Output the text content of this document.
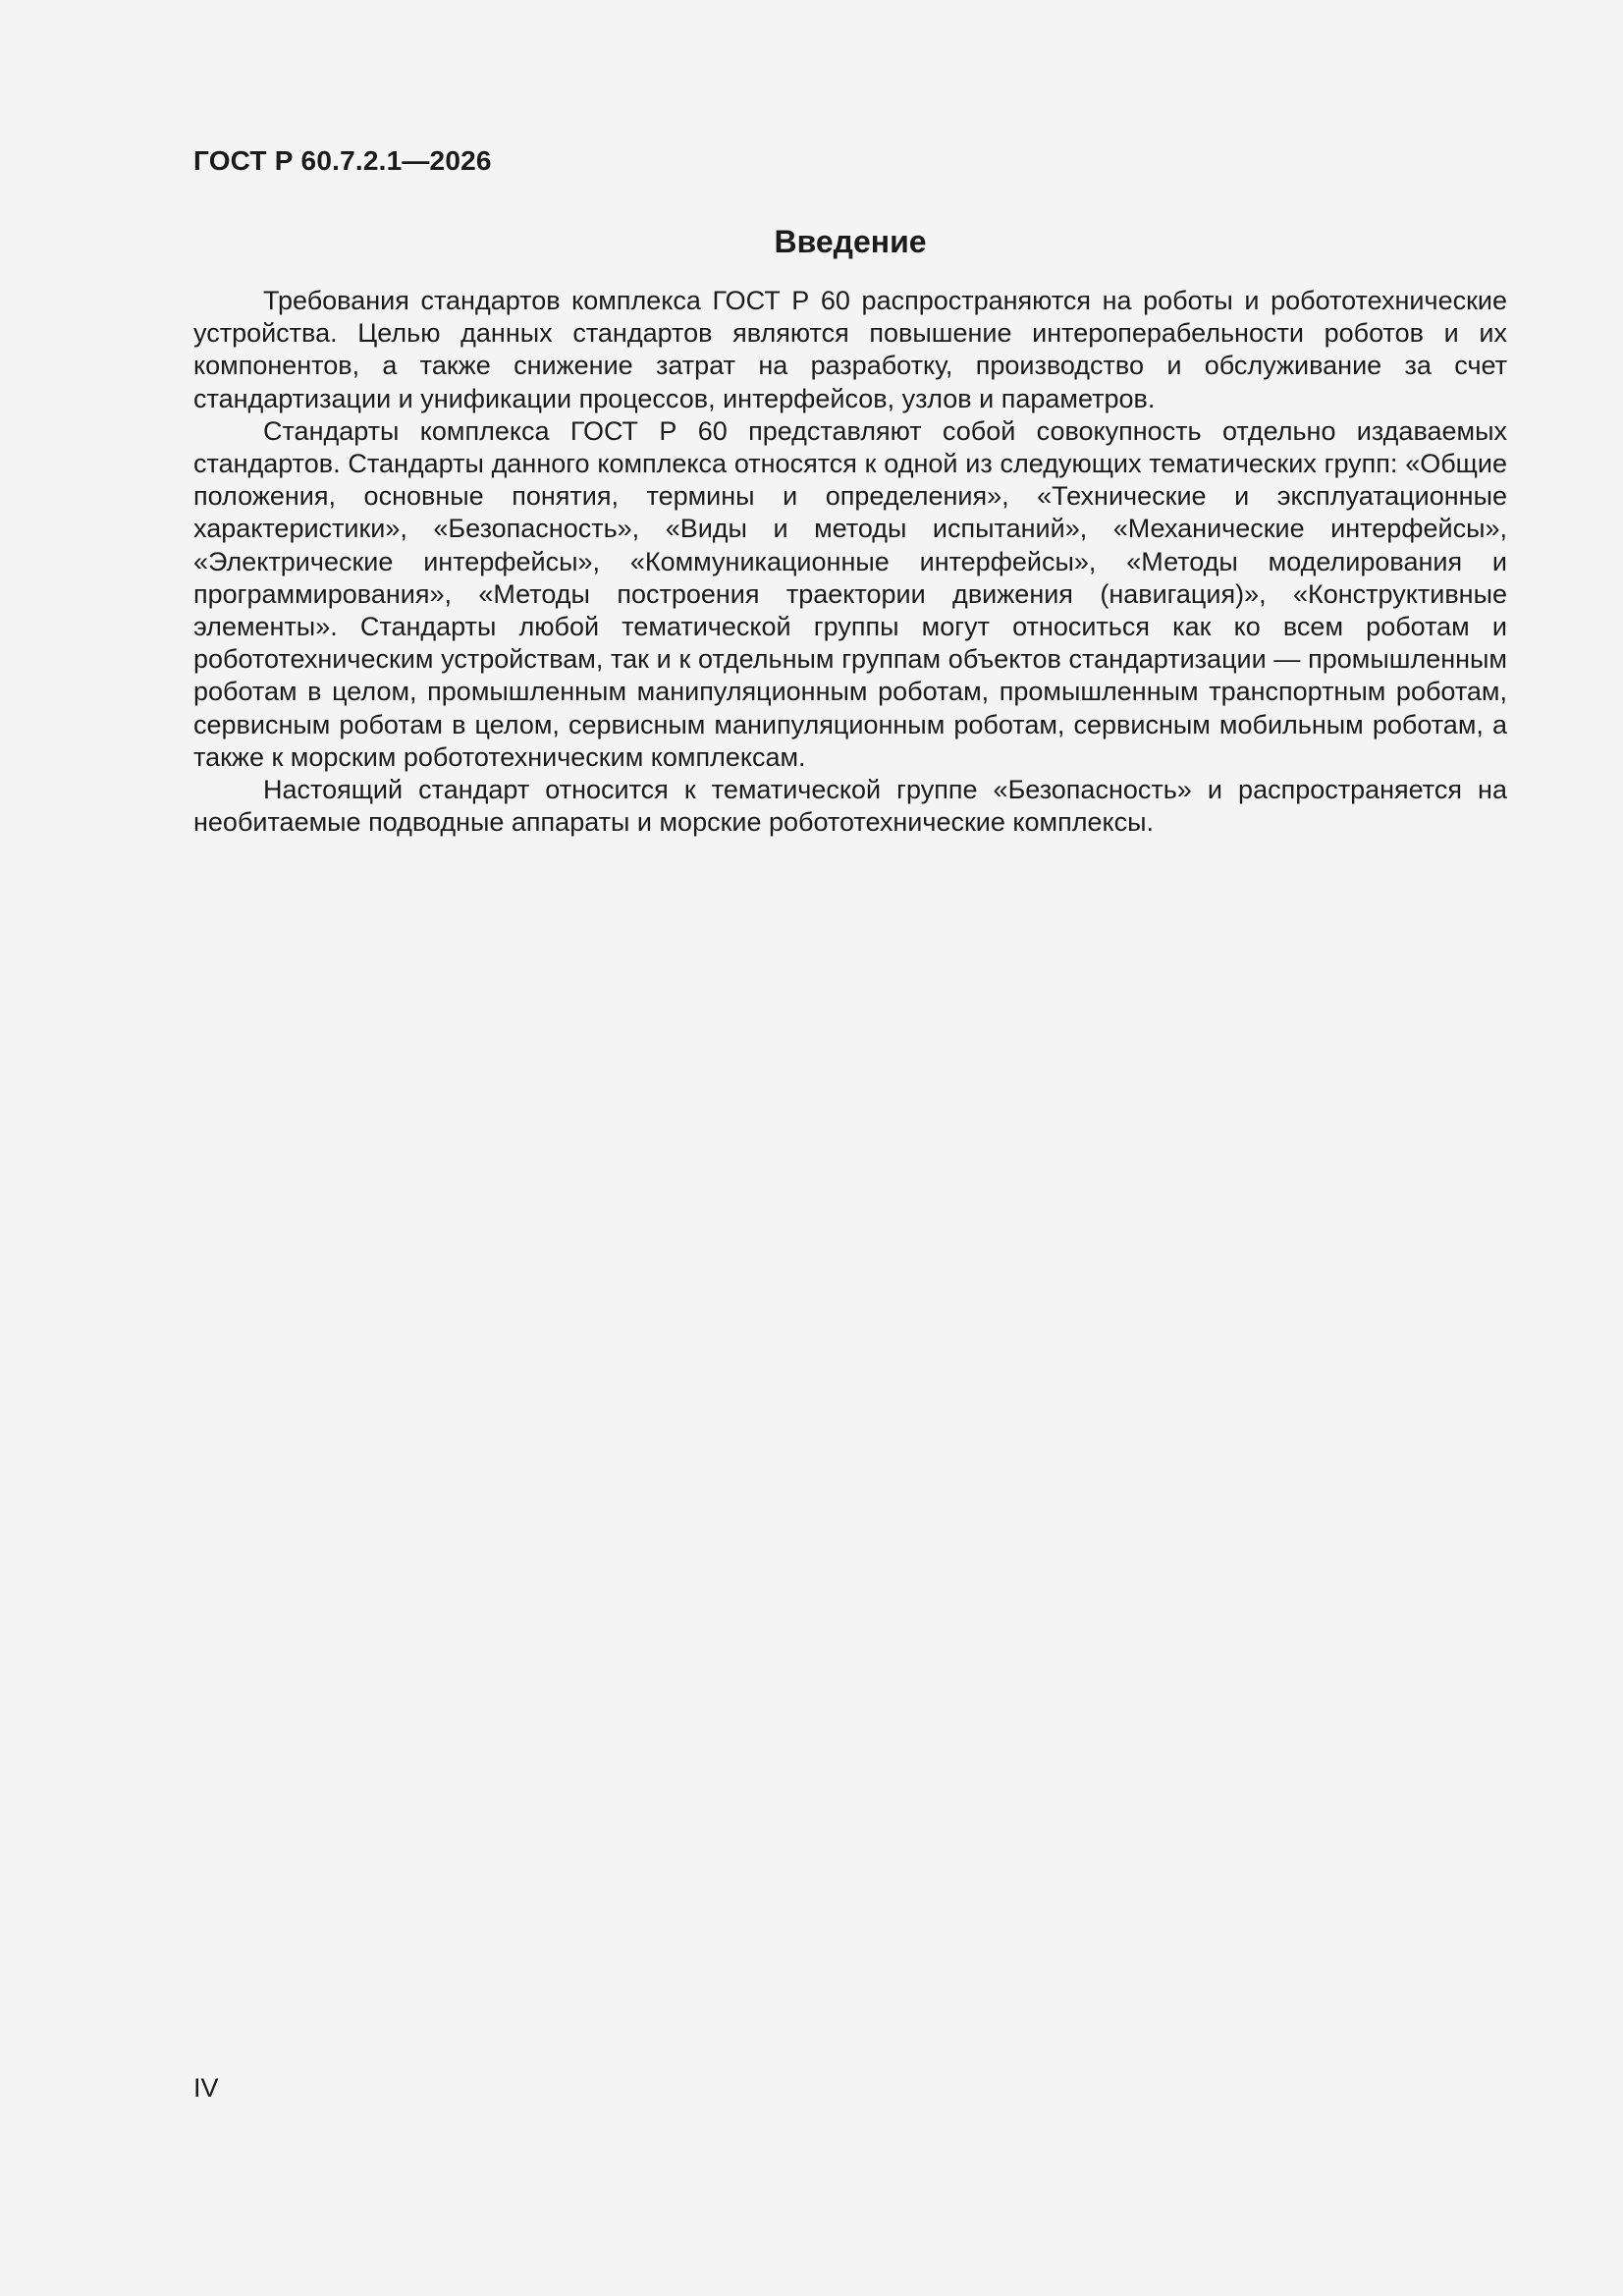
ГОСТ Р 60.7.2.1—2026
Введение

Требования стандартов комплекса ГОСТ Р 60 распространяются на роботы и робототехнические устройства. Целью данных стандартов являются повышение интероперабельности роботов и их компонентов, а также снижение затрат на разработку, производство и обслуживание за счет стандартизации и унификации процессов, интерфейсов, узлов и параметров.

Стандарты комплекса ГОСТ Р 60 представляют собой совокупность отдельно издаваемых стандартов. Стандарты данного комплекса относятся к одной из следующих тематических групп: «Общие положения, основные понятия, термины и определения», «Технические и эксплуатационные характеристики», «Безопасность», «Виды и методы испытаний», «Механические интерфейсы», «Электрические интерфейсы», «Коммуникационные интерфейсы», «Методы моделирования и программирования», «Методы построения траектории движения (навигация)», «Конструктивные элементы». Стандарты любой тематической группы могут относиться как ко всем роботам и робототехническим устройствам, так и к отдельным группам объектов стандартизации — промышленным роботам в целом, промышленным манипуляционным роботам, промышленным транспортным роботам, сервисным роботам в целом, сервисным манипуляционным роботам, сервисным мобильным роботам, а также к морским робототехническим комплексам.

Настоящий стандарт относится к тематической группе «Безопасность» и распространяется на необитаемые подводные аппараты и морские робототехнические комплексы.

IV
